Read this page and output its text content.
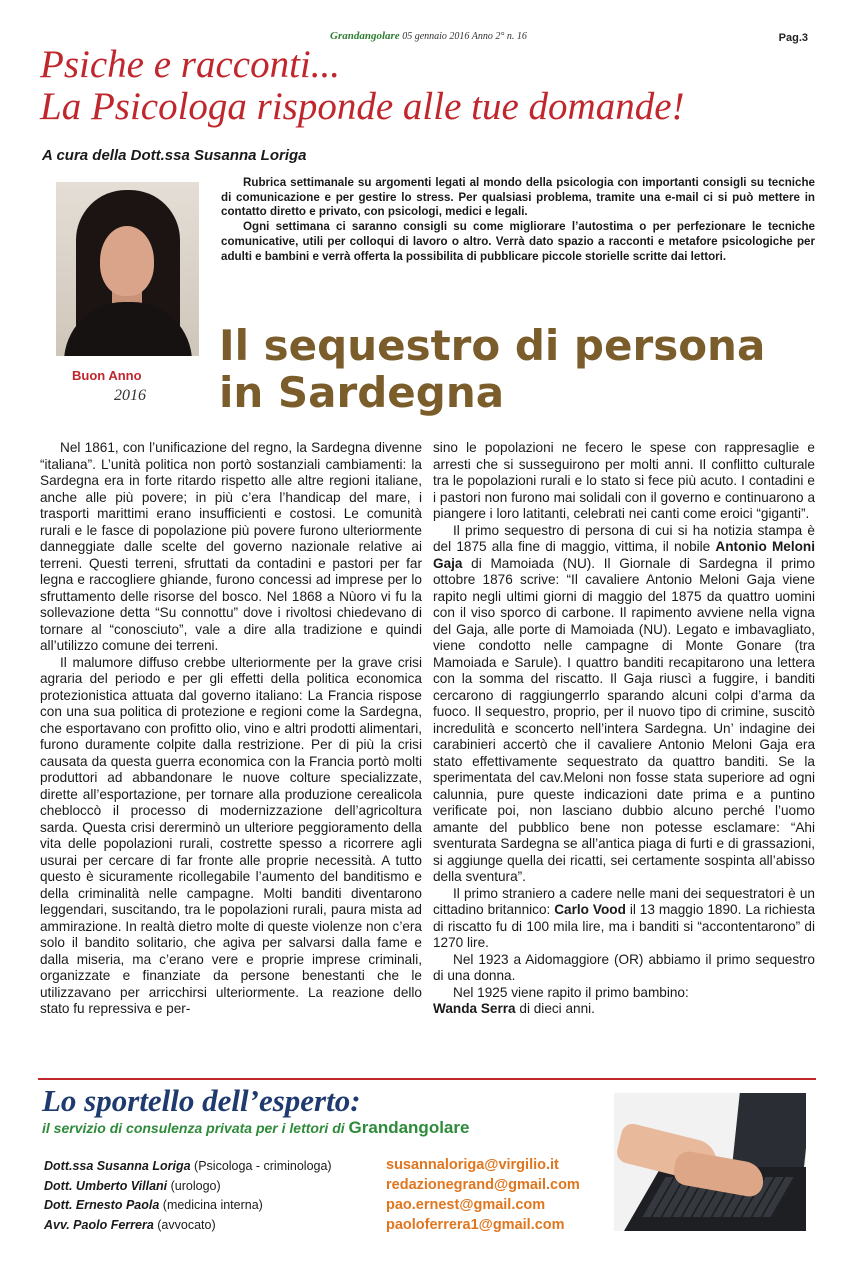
Grandangolare 05 gennaio 2016 Anno 2° n. 16	Pag.3
Psiche e racconti...
La Psicologa risponde alle tue domande!
A cura della Dott.ssa Susanna Loriga

Rubrica settimanale su argomenti legati al mondo della psicologia con importanti consigli su tecniche di comunicazione e per gestire lo stress. Per qualsiasi problema, tramite una e-mail ci si può mettere in contatto diretto e privato, con psicologi, medici e legali.

Ogni settimana ci saranno consigli su come migliorare l’autostima o per perfezionare le tecniche comunicative, utili per colloqui di lavoro o altro. Verrà dato spazio a racconti e metafore psicologiche per adulti e bambini e verrà offerta la possibilita di pubblicare piccole storielle scritte dai lettori.

Buon Anno
2016
Il sequestro di persona
in Sardegna

Nel 1861, con l’unificazione del regno, la Sardegna divenne “italiana”. L’unità politica non portò sostanziali cambiamenti: la Sardegna era in forte ritardo rispetto alle altre regioni italiane, anche alle più povere; in più c’era l’handicap del mare, i trasporti marittimi erano insufficienti e costosi. Le comunità rurali e le fasce di popolazione più povere furono ulteriormente danneggiate dalle scelte del governo nazionale relative ai terreni. Questi terreni, sfruttati da contadini e pastori per far legna e raccogliere ghiande, furono concessi ad imprese per lo sfruttamento delle risorse del bosco. Nel 1868 a Nùoro vi fu la sollevazione detta “Su connottu” dove i rivoltosi chiedevano di tornare al “conosciuto”, vale a dire alla tradizione e quindi all’utilizzo comune dei terreni.

Il malumore diffuso crebbe ulteriormente per la grave crisi agraria del periodo e per gli effetti della politica economica protezionistica attuata dal governo italiano: La Francia rispose con una sua politica di protezione e regioni come la Sardegna, che esportavano con profitto olio, vino e altri prodotti alimentari, furono duramente colpite dalla restrizione. Per di più la crisi causata da questa guerra economica con la Francia portò molti produttori ad abbandonare le nuove colture specializzate, dirette all’esportazione, per tornare alla produzione cerealicola chebloccò il processo di modernizzazione dell’agricoltura sarda. Questa crisi dererminò un ulteriore peggioramento della vita delle popolazioni rurali, costrette spesso a ricorrere agli usurai per cercare di far fronte alle proprie necessità. A tutto questo è sicuramente ricollegabile l’aumento del banditismo e della criminalità nelle campagne. Molti banditi diventarono leggendari, suscitando, tra le popolazioni rurali, paura mista ad ammirazione. In realtà dietro molte di queste violenze non c’era solo il bandito solitario, che agiva per salvarsi dalla fame e dalla miseria, ma c’erano vere e proprie imprese criminali, organizzate e finanziate da persone benestanti che le utilizzavano per arricchirsi ulteriormente. La reazione dello stato fu repressiva e per-

sino le popolazioni ne fecero le spese con rappresaglie e arresti che si susseguirono per molti anni. Il conflitto culturale tra le popolazioni rurali e lo stato si fece più acuto. I contadini e i pastori non furono mai solidali con il governo e continuarono a piangere i loro latitanti, celebrati nei canti come eroici “giganti”.

Il primo sequestro di persona di cui si ha notizia stampa è del 1875 alla fine di maggio, vittima, il nobile Antonio Meloni Gaja di Mamoiada (NU). Il Giornale di Sardegna il primo ottobre 1876 scrive: “Il cavaliere Antonio Meloni Gaja viene rapito negli ultimi giorni di maggio del 1875 da quattro uomini con il viso sporco di carbone. Il rapimento avviene nella vigna del Gaja, alle porte di Mamoiada (NU). Legato e imbavagliato, viene condotto nelle campagne di Monte Gonare (tra Mamoiada e Sarule). I quattro banditi recapitarono una lettera con la somma del riscatto. Il Gaja riuscì a fuggire, i banditi cercarono di raggiungerrlo sparando alcuni colpi d’arma da fuoco. Il sequestro, proprio, per il nuovo tipo di crimine, suscitò incredulità e sconcerto nell’intera Sardegna. Un’ indagine dei carabinieri accertò che il cavaliere Antonio Meloni Gaja era stato effettivamente sequestrato da quattro banditi. Se la sperimentata del cav.Meloni non fosse stata superiore ad ogni calunnia, pure queste indicazioni date prima e a puntino verificate poi, non lasciano dubbio alcuno perché l’uomo amante del pubblico bene non potesse esclamare: “Ahi sventurata Sardegna se all’antica piaga di furti e di grassazioni, si aggiunge quella dei ricatti, sei certamente sospinta all’abisso della sventura”.

Il primo straniero a cadere nelle mani dei sequestratori è un cittadino britannico: Carlo Vood il 13 maggio 1890. La richiesta di riscatto fu di 100 mila lire, ma i banditi si “accontentarono” di 1270 lire.

Nel 1923 a Aidomaggiore (OR) abbiamo il primo sequestro di una donna.

Nel 1925 viene rapito il primo bambino:

Wanda Serra di dieci anni.

Lo sportello dell’esperto:
il servizio di consulenza privata per i lettori di Grandangolare
Dott.ssa Susanna Loriga (Psicologa - criminologa)
Dott. Umberto Villani (urologo)
Dott. Ernesto Paola (medicina interna)
Avv. Paolo Ferrera (avvocato)
susannaloriga@virgilio.it
redazionegrand@gmail.com
pao.ernest@gmail.com
paoloferrera1@gmail.com
